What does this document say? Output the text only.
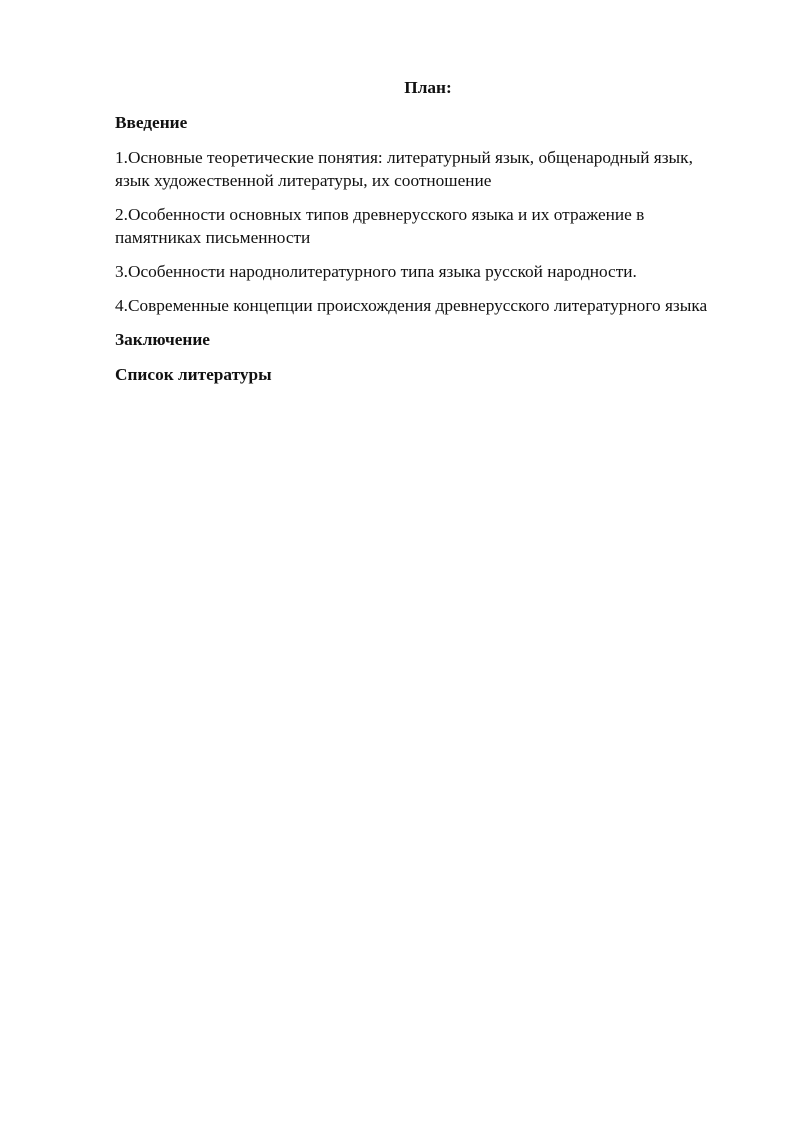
План:
Введение
1.Основные теоретические понятия: литературный язык, общенародный язык, язык художественной литературы, их соотношение
2.Особенности основных типов древнерусского языка и их отражение в памятниках письменности
3.Особенности народнолитературного типа языка русской народности.
4.Современные концепции происхождения древнерусского литературного языка
Заключение
Список литературы
